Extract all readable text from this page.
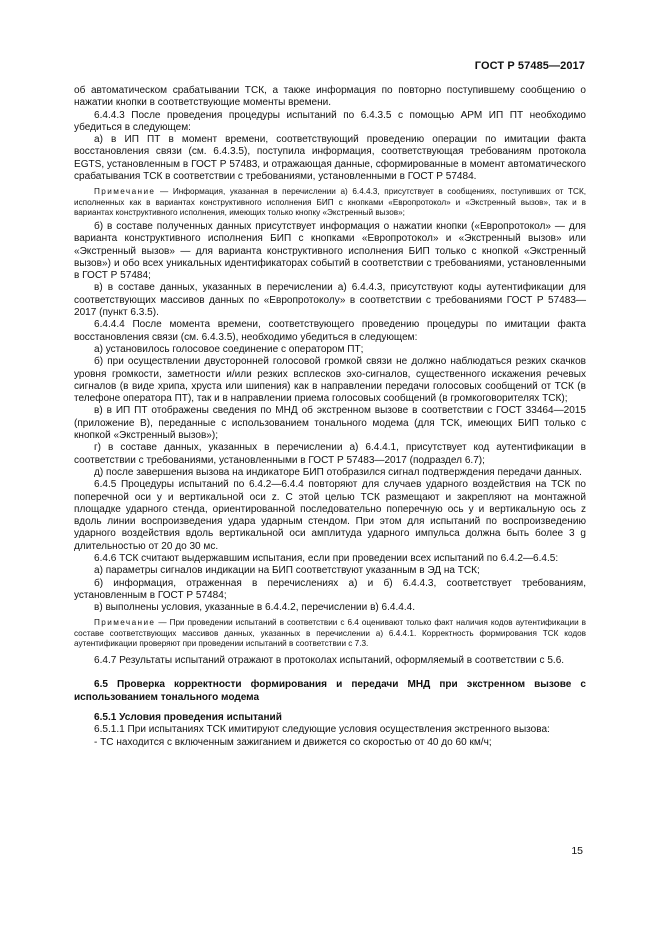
ГОСТ Р 57485—2017

об автоматическом срабатывании ТСК, а также информация по повторно поступившему сообщению о нажатии кнопки в соответствующие моменты времени.

6.4.4.3 После проведения процедуры испытаний по 6.4.3.5 с помощью АРМ ИП ПТ необходимо убедиться в следующем:

а) в ИП ПТ в момент времени, соответствующий проведению операции по имитации факта восстановления связи (см. 6.4.3.5), поступила информация, соответствующая требованиям протокола EGTS, установленным в ГОСТ Р 57483, и отражающая данные, сформированные в момент автоматического срабатывания ТСК в соответствии с требованиями, установленными в ГОСТ Р 57484.

Примечание — Информация, указанная в перечислении а) 6.4.4.3, присутствует в сообщениях, поступивших от ТСК, исполненных как в вариантах конструктивного исполнения БИП с кнопками «Европротокол» и «Экстренный вызов», так и в вариантах конструктивного исполнения, имеющих только кнопку «Экстренный вызов»;

б) в составе полученных данных присутствует информация о нажатии кнопки («Европротокол» — для варианта конструктивного исполнения БИП с кнопками «Европротокол» и «Экстренный вызов» или «Экстренный вызов» — для варианта конструктивного исполнения БИП только с кнопкой «Экстренный вызов») и обо всех уникальных идентификаторах событий в соответствии с требованиями, установленными в ГОСТ Р 57484;

в) в составе данных, указанных в перечислении а) 6.4.4.3, присутствуют коды аутентификации для соответствующих массивов данных по «Европротоколу» в соответствии с требованиями ГОСТ Р 57483—2017 (пункт 6.3.5).

6.4.4.4 После момента времени, соответствующего проведению процедуры по имитации факта восстановления связи (см. 6.4.3.5), необходимо убедиться в следующем:

а) установилось голосовое соединение с оператором ПТ;

б) при осуществлении двусторонней голосовой громкой связи не должно наблюдаться резких скачков уровня громкости, заметности и/или резких всплесков эхо-сигналов, существенного искажения речевых сигналов (в виде хрипа, хруста или шипения) как в направлении передачи голосовых сообщений от ТСК (в телефоне оператора ПТ), так и в направлении приема голосовых сообщений (в громкоговорителях ТСК);

в) в ИП ПТ отображены сведения по МНД об экстренном вызове в соответствии с ГОСТ 33464—2015 (приложение В), переданные с использованием тонального модема (для ТСК, имеющих БИП только с кнопкой «Экстренный вызов»);

г) в составе данных, указанных в перечислении а) 6.4.4.1, присутствует код аутентификации в соответствии с требованиями, установленными в ГОСТ Р 57483—2017 (подраздел 6.7);

д) после завершения вызова на индикаторе БИП отобразился сигнал подтверждения передачи данных.

6.4.5 Процедуры испытаний по 6.4.2—6.4.4 повторяют для случаев ударного воздействия на ТСК по поперечной оси y и вертикальной оси z. С этой целью ТСК размещают и закрепляют на монтажной площадке ударного стенда, ориентированной последовательно поперечную ось y и вертикальную ось z вдоль линии воспроизведения удара ударным стендом. При этом для испытаний по воспроизведению ударного воздействия вдоль вертикальной оси амплитуда ударного импульса должна быть более 3 g длительностью от 20 до 30 мс.

6.4.6 ТСК считают выдержавшим испытания, если при проведении всех испытаний по 6.4.2—6.4.5:

а) параметры сигналов индикации на БИП соответствуют указанным в ЭД на ТСК;

б) информация, отраженная в перечислениях а) и б) 6.4.4.3, соответствует требованиям, установленным в ГОСТ Р 57484;

в) выполнены условия, указанные в 6.4.4.2, перечислении в) 6.4.4.4.

Примечание — При проведении испытаний в соответствии с 6.4 оценивают только факт наличия кодов аутентификации в составе соответствующих массивов данных, указанных в перечислении а) 6.4.4.1. Корректность формирования ТСК кодов аутентификации проверяют при проведении испытаний в соответствии с 7.3.

6.4.7 Результаты испытаний отражают в протоколах испытаний, оформляемый в соответствии с 5.6.

6.5 Проверка корректности формирования и передачи МНД при экстренном вызове с использованием тонального модема

6.5.1 Условия проведения испытаний

6.5.1.1 При испытаниях ТСК имитируют следующие условия осуществления экстренного вызова:

- ТС находится с включенным зажиганием и движется со скоростью от 40 до 60 км/ч;

15
